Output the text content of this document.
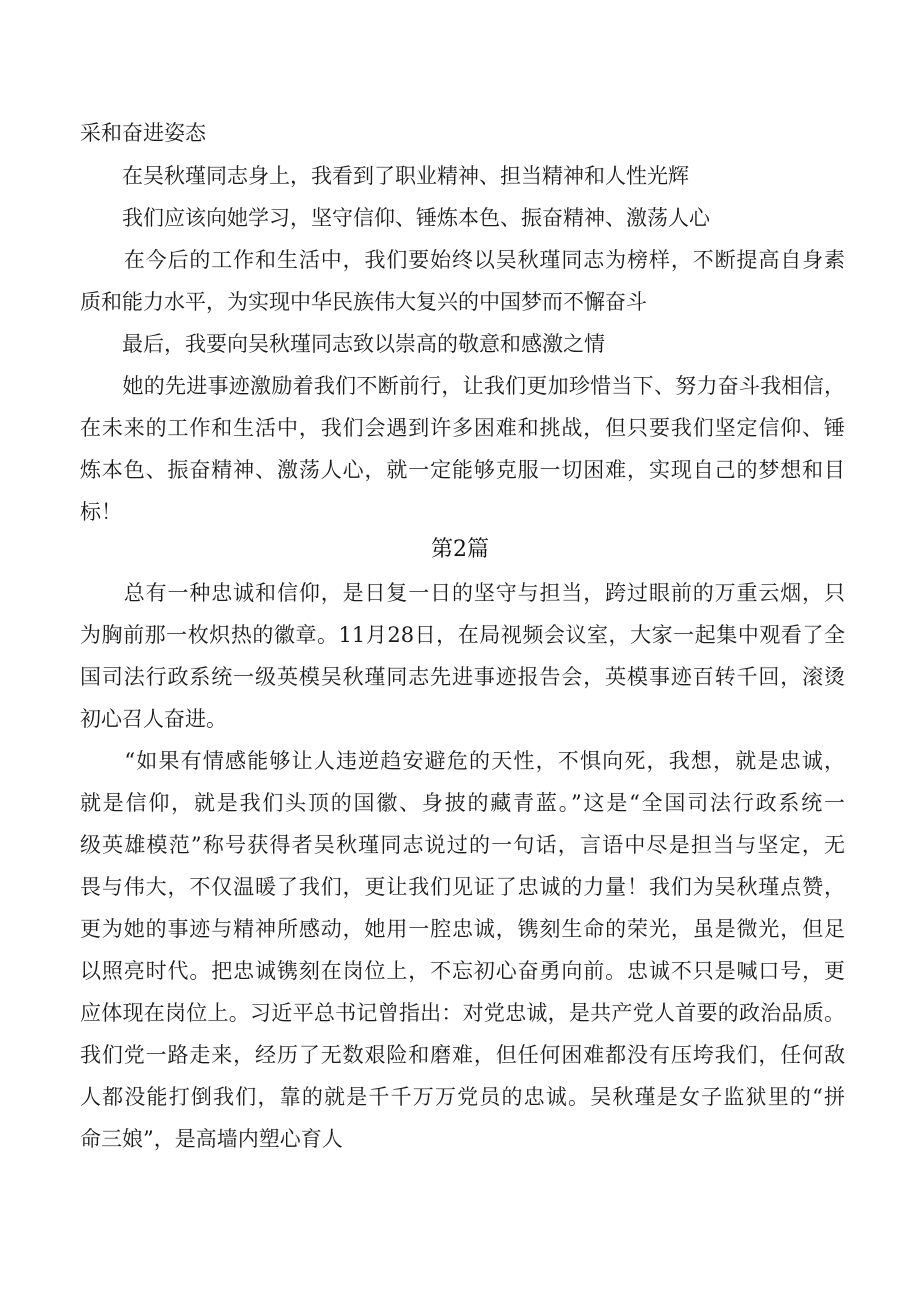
采和奋进姿态
　　在吴秋瑾同志身上，我看到了职业精神、担当精神和人性光辉
　　我们应该向她学习，坚守信仰、锤炼本色、振奋精神、激荡人心
　　在今后的工作和生活中，我们要始终以吴秋瑾同志为榜样，不断提高自身素
质和能力水平，为实现中华民族伟大复兴的中国梦而不懈奋斗
　　最后，我要向吴秋瑾同志致以崇高的敬意和感激之情
　　她的先进事迹激励着我们不断前行，让我们更加珍惜当下、努力奋斗我相信，
在未来的工作和生活中，我们会遇到许多困难和挑战，但只要我们坚定信仰、锤
炼本色、振奋精神、激荡人心，就一定能够克服一切困难，实现自己的梦想和目
标！
第2篇
　　总有一种忠诚和信仰，是日复一日的坚守与担当，跨过眼前的万重云烟，只
为胸前那一枚炽热的徽章。11月28日，在局视频会议室，大家一起集中观看了全
国司法行政系统一级英模吴秋瑾同志先进事迹报告会，英模事迹百转千回，滚烫
初心召人奋进。
　　“如果有情感能够让人违逆趋安避危的天性，不惧向死，我想，就是忠诚，
就是信仰，就是我们头顶的国徽、身披的藏青蓝。”这是“全国司法行政系统一
级英雄模范”称号获得者吴秋瑾同志说过的一句话，言语中尽是担当与坚定，无
畏与伟大，不仅温暖了我们，更让我们见证了忠诚的力量！我们为吴秋瑾点赞，
更为她的事迹与精神所感动，她用一腔忠诚，镌刻生命的荣光，虽是微光，但足
以照亮时代。把忠诚镌刻在岗位上，不忘初心奋勇向前。忠诚不只是喊口号，更
应体现在岗位上。习近平总书记曾指出：对党忠诚，是共产党人首要的政治品质。
我们党一路走来，经历了无数艰险和磨难，但任何困难都没有压垮我们，任何敌
人都没能打倒我们，靠的就是千千万万党员的忠诚。吴秋瑾是女子监狱里的“拼
命三娘”，是高墙内塑心育人
